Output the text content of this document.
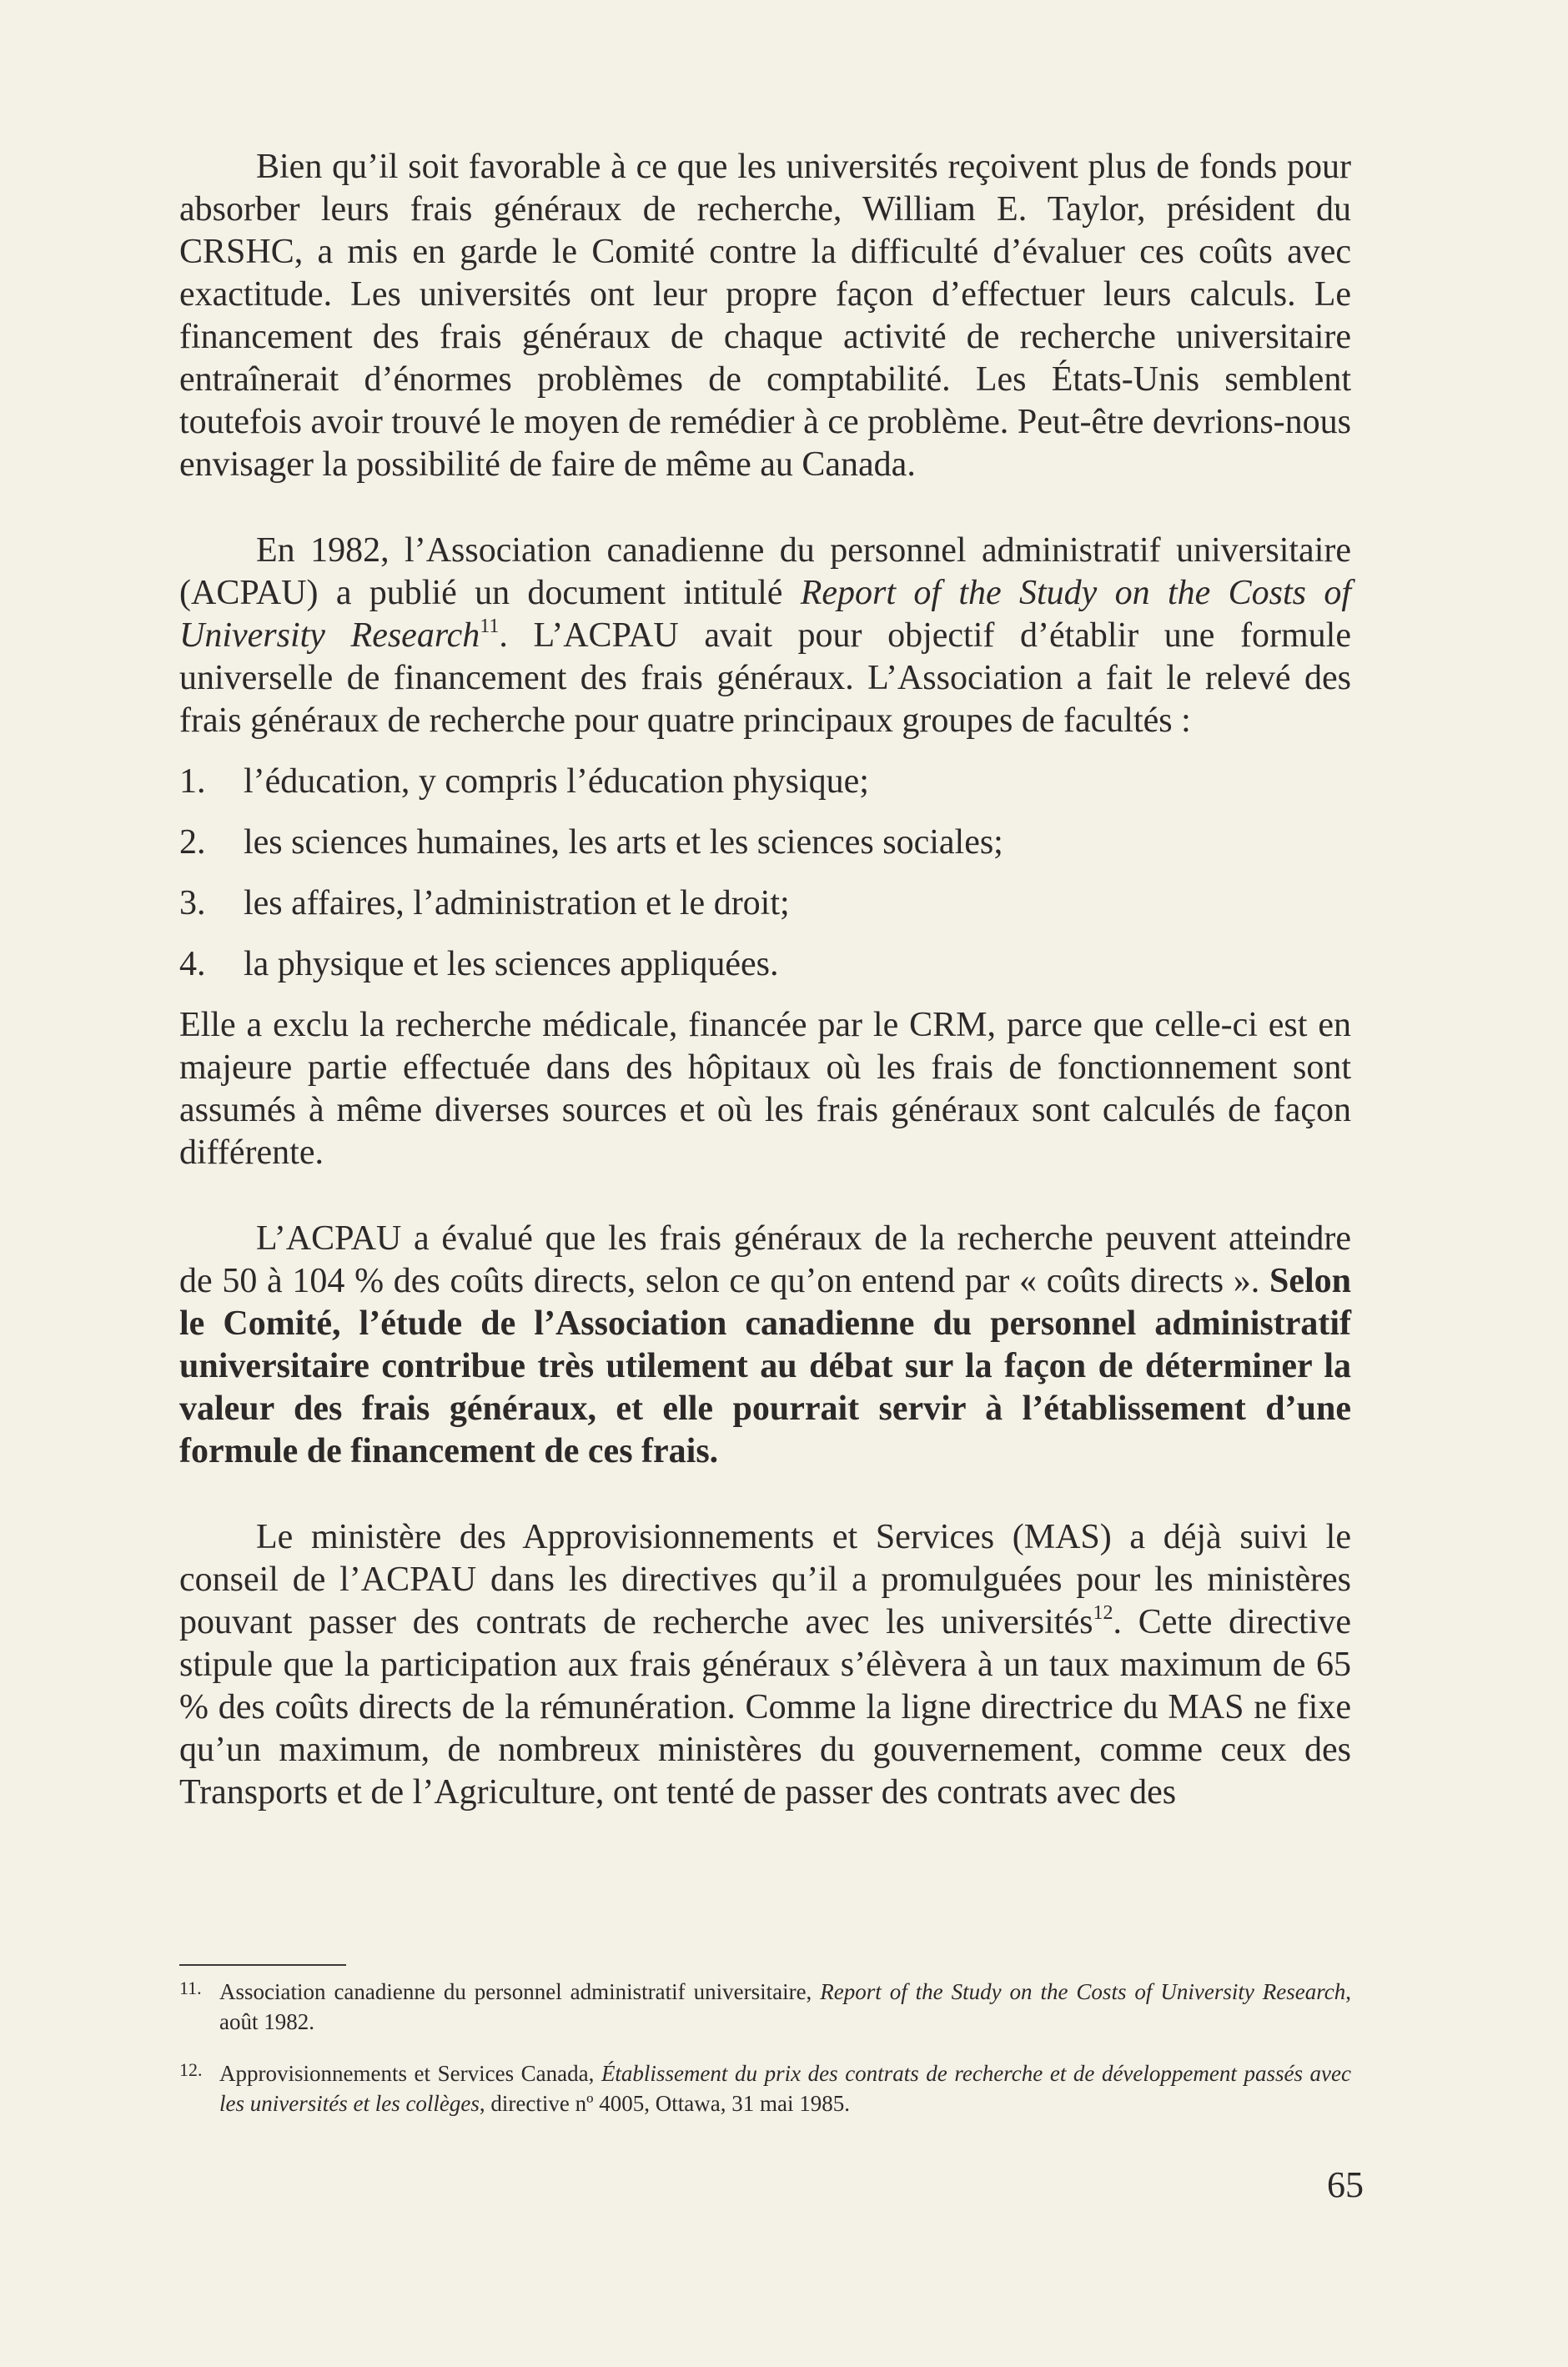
Bien qu’il soit favorable à ce que les universités reçoivent plus de fonds pour absorber leurs frais généraux de recherche, William E. Taylor, président du CRSHC, a mis en garde le Comité contre la difficulté d’évaluer ces coûts avec exactitude. Les universités ont leur propre façon d’effectuer leurs calculs. Le financement des frais généraux de chaque activité de recherche universitaire entraînerait d’énormes problèmes de comptabilité. Les États-Unis semblent toutefois avoir trouvé le moyen de remédier à ce problème. Peut-être devrions-nous envisager la possibilité de faire de même au Canada.

En 1982, l’Association canadienne du personnel administratif universitaire (ACPAU) a publié un document intitulé Report of the Study on the Costs of University Research$^{11}$. L’ACPAU avait pour objectif d’établir une formule universelle de financement des frais généraux. L’Association a fait le relevé des frais généraux de recherche pour quatre principaux groupes de facultés :

1.	l’éducation, y compris l’éducation physique;
2.	les sciences humaines, les arts et les sciences sociales;
3.	les affaires, l’administration et le droit;
4.	la physique et les sciences appliquées.

Elle a exclu la recherche médicale, financée par le CRM, parce que celle-ci est en majeure partie effectuée dans des hôpitaux où les frais de fonctionnement sont assumés à même diverses sources et où les frais généraux sont calculés de façon différente.

L’ACPAU a évalué que les frais généraux de la recherche peuvent atteindre de 50 à 104 % des coûts directs, selon ce qu’on entend par « coûts directs ». Selon le Comité, l’étude de l’Association canadienne du personnel administratif universitaire contribue très utilement au débat sur la façon de déterminer la valeur des frais généraux, et elle pourrait servir à l’établissement d’une formule de financement de ces frais.

Le ministère des Approvisionnements et Services (MAS) a déjà suivi le conseil de l’ACPAU dans les directives qu’il a promulguées pour les ministères pouvant passer des contrats de recherche avec les universités$^{12}$. Cette directive stipule que la participation aux frais généraux s’élèvera à un taux maximum de 65 % des coûts directs de la rémunération. Comme la ligne directrice du MAS ne fixe qu’un maximum, de nombreux ministères du gouvernement, comme ceux des Transports et de l’Agriculture, ont tenté de passer des contrats avec des

11. Association canadienne du personnel administratif universitaire, Report of the Study on the Costs of University Research, août 1982.
12. Approvisionnements et Services Canada, Établissement du prix des contrats de recherche et de développement passés avec les universités et les collèges, directive nº 4005, Ottawa, 31 mai 1985.
65
